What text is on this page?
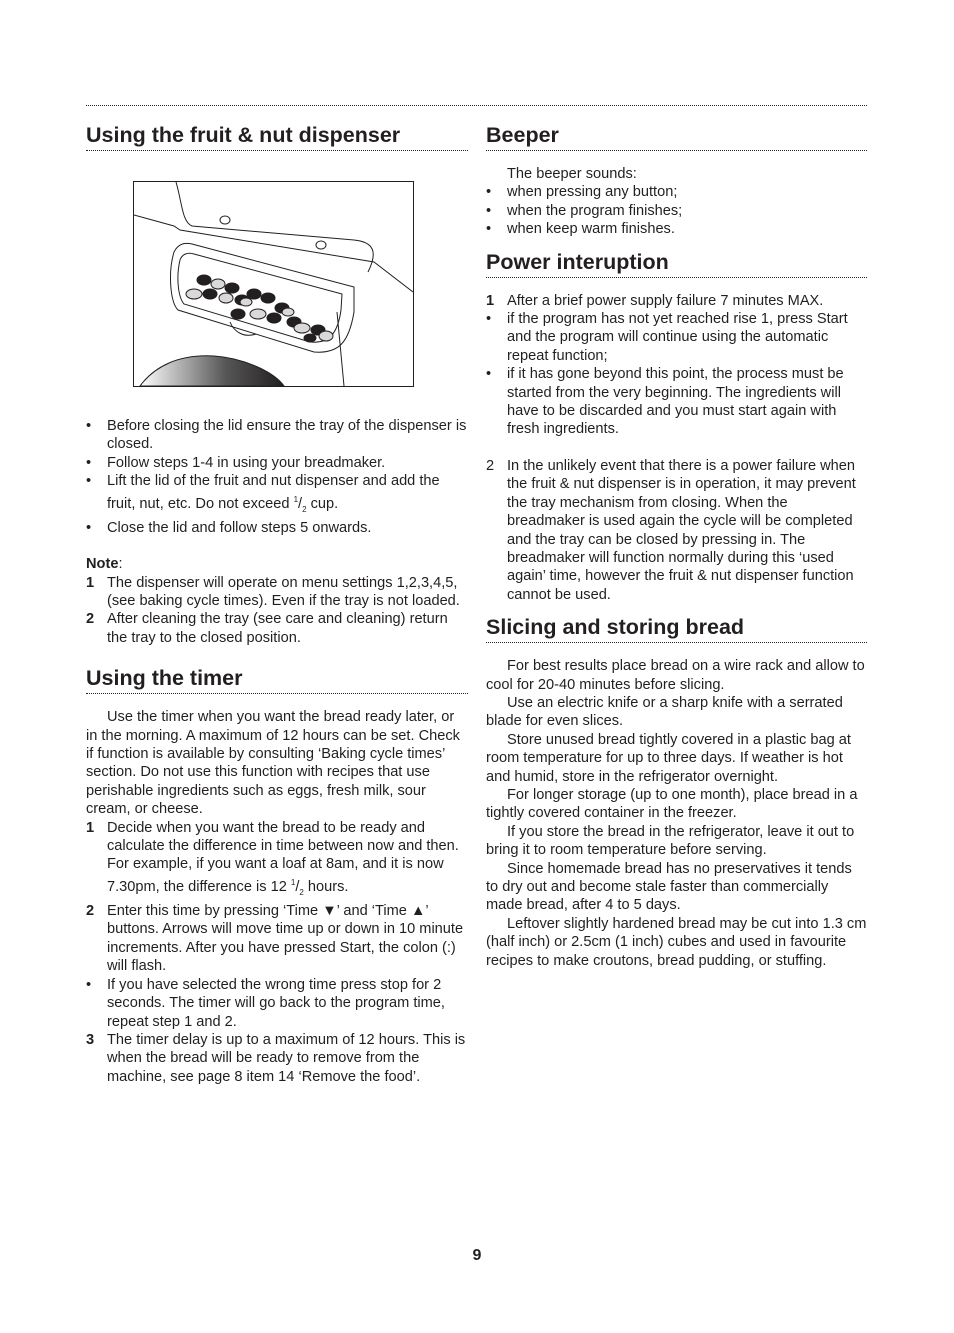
Using the fruit & nut dispenser
•	Before closing the lid ensure the tray of the dispenser is closed.
•	Follow steps 1-4 in using your breadmaker.
•	Lift the lid of the fruit and nut dispenser and add the fruit, nut, etc. Do not exceed $^1/_2$ cup.
•	Close the lid and follow steps 5 onwards.

Note:

1 The dispenser will operate on menu settings 1,2,3,4,5, (see baking cycle times). Even if the tray is not loaded.
2 After cleaning the tray (see care and cleaning) return the tray to the closed position.
Using the timer

Use the timer when you want the bread ready later, or in the morning. A maximum of 12 hours can be set. Check if function is available by consulting ‘Baking cycle times’ section. Do not use this function with recipes that use perishable ingredients such as eggs, fresh milk, sour cream, or cheese.

1 Decide when you want the bread to be ready and calculate the difference in time between now and then. For example, if you want a loaf at 8am, and it is now 7.30pm, the difference is 12 $^1/_2$ hours.
2 Enter this time by pressing ‘Time ▼’ and ‘Time ▲’ buttons. Arrows will move time up or down in 10 minute increments. After you have pressed Start, the colon (:) will flash.
•	If you have selected the wrong time press stop for 2 seconds. The timer will go back to the program time, repeat step 1 and 2.
3 The timer delay is up to a maximum of 12 hours. This is when the bread will be ready to remove from the machine, see page 8 item 14 ‘Remove the food’.
Beeper

The beeper sounds:

•	when pressing any button;
•	when the program finishes;
•	when keep warm finishes.
Power interuption
1 After a brief power supply failure 7 minutes MAX.
•	if the program has not yet reached rise 1, press Start and the program will continue using the automatic repeat function;
•	if it has gone beyond this point, the process must be started from the very beginning. The ingredients will have to be discarded and you must start again with fresh ingredients.
2 In the unlikely event that there is a power failure when the fruit & nut dispenser is in operation, it may prevent the tray mechanism from closing. When the breadmaker is used again the cycle will be completed and the tray can be closed by pressing in. The breadmaker will function normally during this ‘used again’ time, however the fruit & nut dispenser function cannot be used.
Slicing and storing bread

For best results place bread on a wire rack and allow to cool for 20-40 minutes before slicing.

Use an electric knife or a sharp knife with a serrated blade for even slices.

Store unused bread tightly covered in a plastic bag at room temperature for up to three days. If weather is hot and humid, store in the refrigerator overnight.

For longer storage (up to one month), place bread in a tightly covered container in the freezer.

If you store the bread in the refrigerator, leave it out to bring it to room temperature before serving.

Since homemade bread has no preservatives it tends to dry out and become stale faster than commercially made bread, after 4 to 5 days.

Leftover slightly hardened bread may be cut into 1.3 cm (half inch) or 2.5cm (1 inch) cubes and used in favourite recipes to make croutons, bread pudding, or stuffing.

9
